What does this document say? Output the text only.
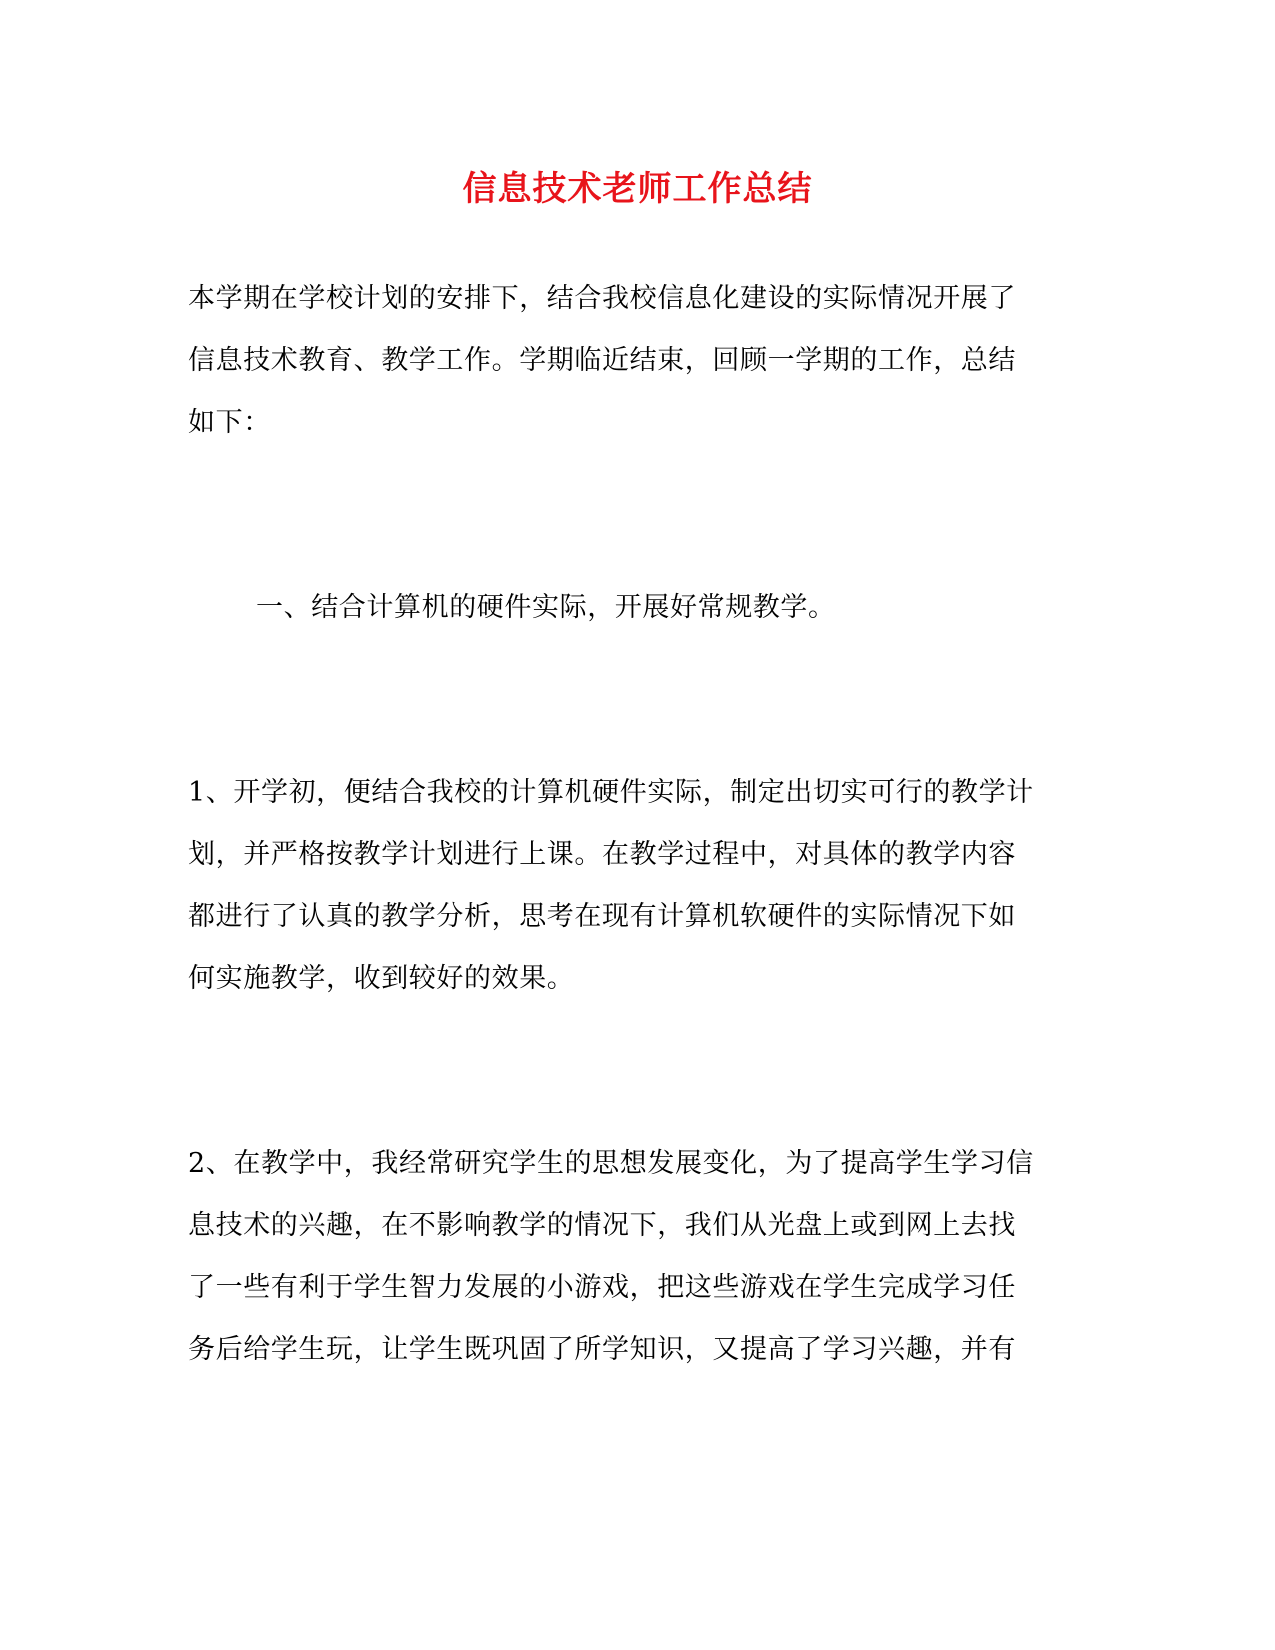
信息技术老师工作总结
本学期在学校计划的安排下，结合我校信息化建设的实际情况开展了
信息技术教育、教学工作。学期临近结束，回顾一学期的工作，总结
如下：
一、结合计算机的硬件实际，开展好常规教学。
1、开学初，便结合我校的计算机硬件实际，制定出切实可行的教学计
划，并严格按教学计划进行上课。在教学过程中，对具体的教学内容
都进行了认真的教学分析，思考在现有计算机软硬件的实际情况下如
何实施教学，收到较好的效果。
2、在教学中，我经常研究学生的思想发展变化，为了提高学生学习信
息技术的兴趣，在不影响教学的情况下，我们从光盘上或到网上去找
了一些有利于学生智力发展的小游戏，把这些游戏在学生完成学习任
务后给学生玩，让学生既巩固了所学知识，又提高了学习兴趣，并有
